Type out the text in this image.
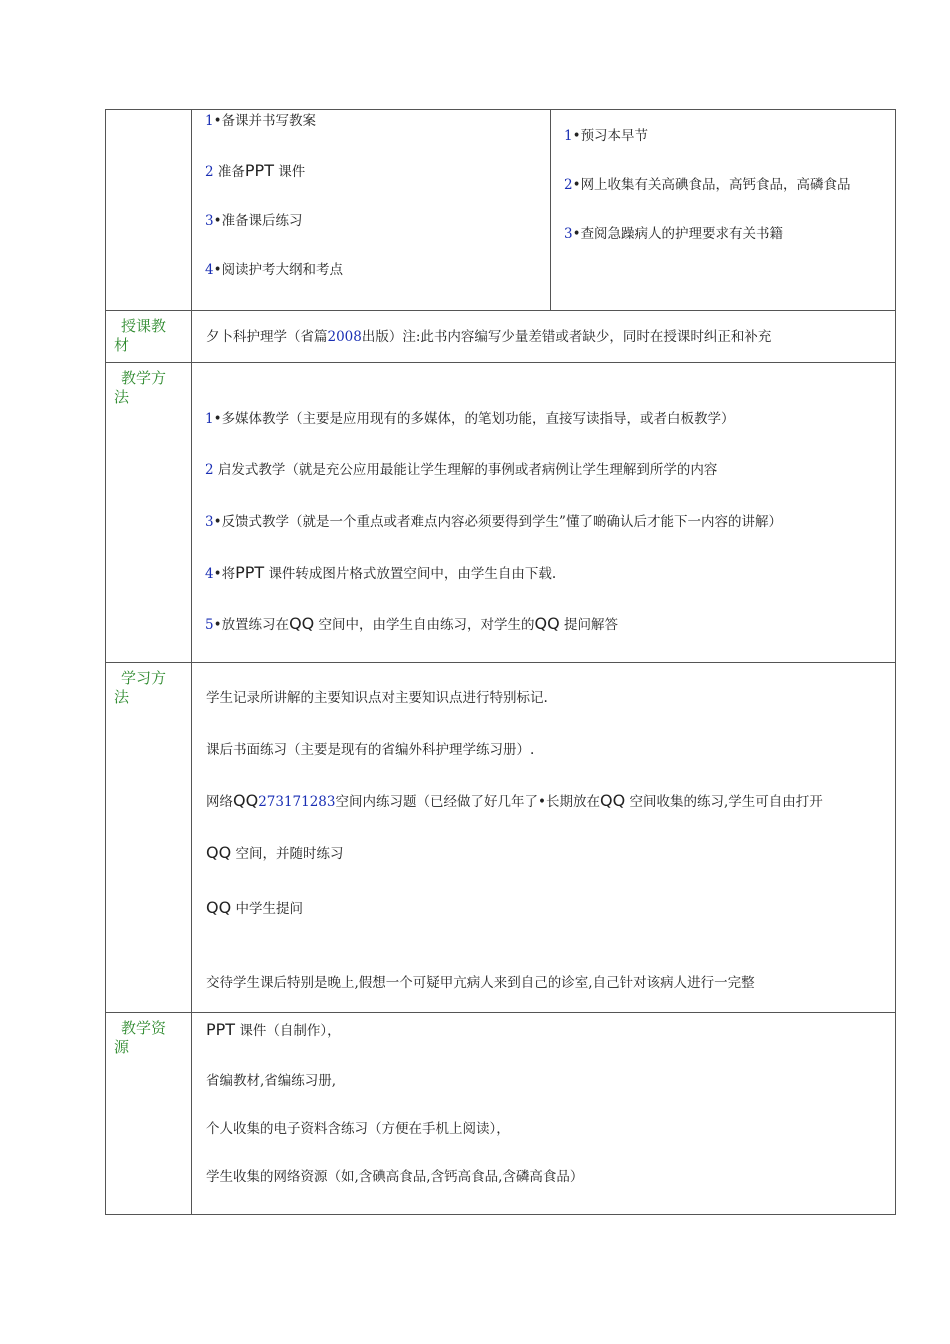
1•备课并书写教案
2 准备PPT 课件
3•准备课后练习
4•阅读护考大纲和考点
1•预习本早节
2•网上收集有关高碘食品，高钙食品，高磷食品
3•查阅急躁病人的护理要求有关书籍
授课教
材	夕卜科护理学（省篇2008出版）注:此书内容编写少量差错或者缺少，同时在授课时纠正和补充
教学方
法
1•多媒体教学（主要是应用现有的多媒体，的笔划功能，直接写读指导，或者白板教学）
2 启发式教学（就是充公应用最能让学生理解的事例或者病例让学生理解到所学的内容
3•反馈式教学（就是一个重点或者难点内容必须要得到学生”懂了啲确认后才能下一内容的讲解）
4•将PPT 课件转成图片格式放置空间中，由学生自由下载.
5•放置练习在QQ 空间中，由学生自由练习，对学生的QQ 提问解答
学习方
法	学生记录所讲解的主要知识点对主要知识点进行特别标记.
课后书面练习（主要是现有的省编外科护理学练习册）.
网络QQ273171283空间内练习题（已经做了好几年了•长期放在QQ 空间收集的练习,学生可自由打开
QQ 空间，并随时练习
QQ 中学生提问
交待学生课后特别是晚上,假想一个可疑甲亢病人来到自己的诊室,自己针对该病人进行一完整
教学资
源
PPT 课件（自制作），
省编教材,省编练习册,
个人收集的电子资料含练习（方便在手机上阅读），
学生收集的网络资源（如,含碘高食品,含钙高食品,含磷高食品）
